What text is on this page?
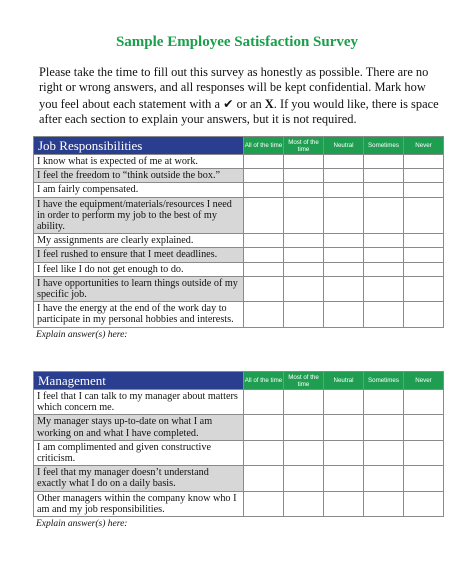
Sample Employee Satisfaction Survey
Please take the time to fill out this survey as honestly as possible. There are no right or wrong answers, and all responses will be kept confidential. Mark how you feel about each statement with a ✔ or an X. If you would like, there is space after each section to explain your answers, but it is not required.
Job Responsibilities	All of the time	Most of the time	Neutral	Sometimes	Never
I know what is expected of me at work.					
I feel the freedom to “think outside the box.”					
I am fairly compensated.					
I have the equipment/materials/resources I need in order to perform my job to the best of my ability.					
My assignments are clearly explained.					
I feel rushed to ensure that I meet deadlines.					
I feel like I do not get enough to do.					
I have opportunities to learn things outside of my specific job.					
I have the energy at the end of the work day to participate in my personal hobbies and interests.					
Explain answer(s) here:
Management	All of the time	Most of the time	Neutral	Sometimes	Never
I feel that I can talk to my manager about matters which concern me.					
My manager stays up-to-date on what I am working on and what I have completed.					
I am complimented and given constructive criticism.					
I feel that my manager doesn’t understand exactly what I do on a daily basis.					
Other managers within the company know who I am and my job responsibilities.					
Explain answer(s) here:
